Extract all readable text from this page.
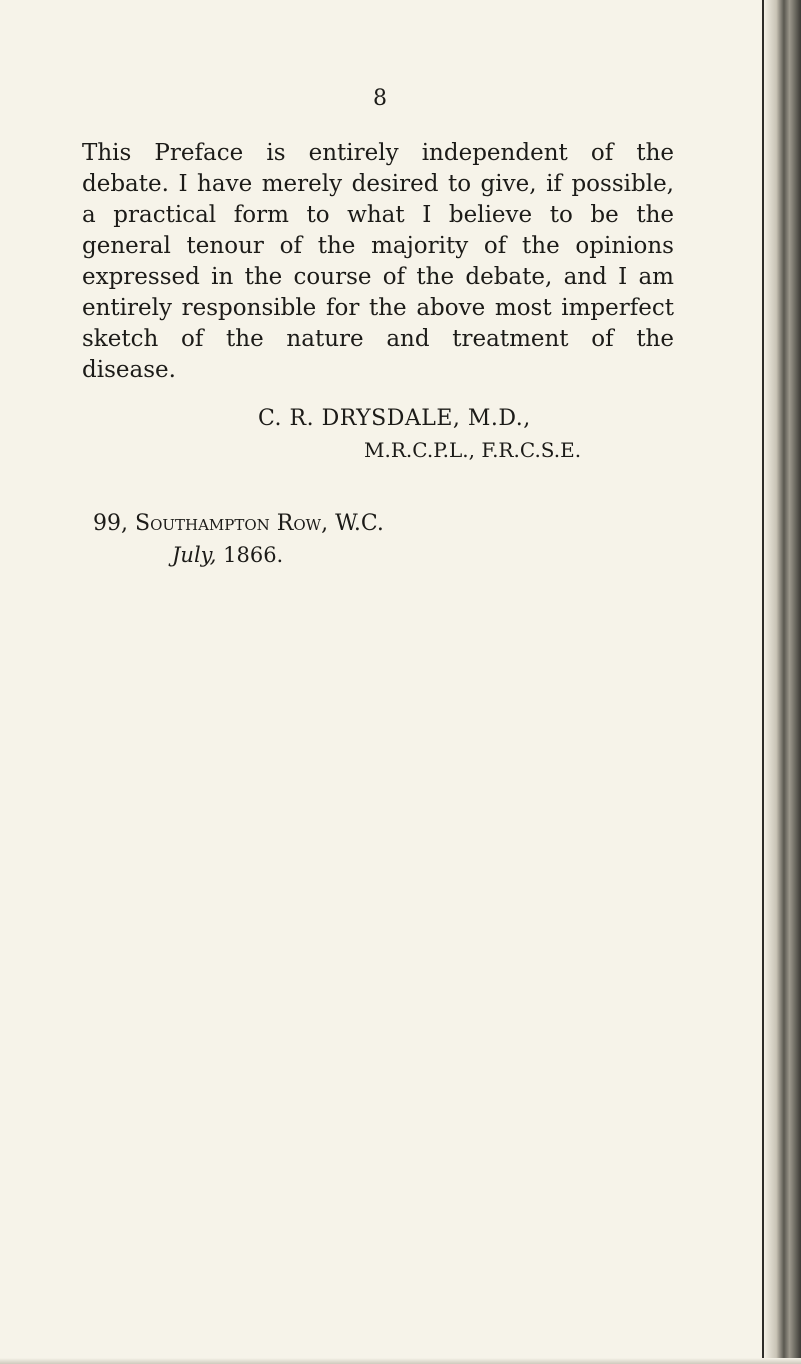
8
This Preface is entirely independent of the
debate. I have merely desired to give, if possible,
a practical form to what I believe to be the
general tenour of the majority of the opinions
expressed in the course of the debate, and I am
entirely responsible for the above most imperfect
sketch of the nature and treatment of the
disease.
C. R. DRYSDALE, M.D.,
M.R.C.P.L., F.R.C.S.E.
99, Southampton Row, W.C.
July, 1866.
